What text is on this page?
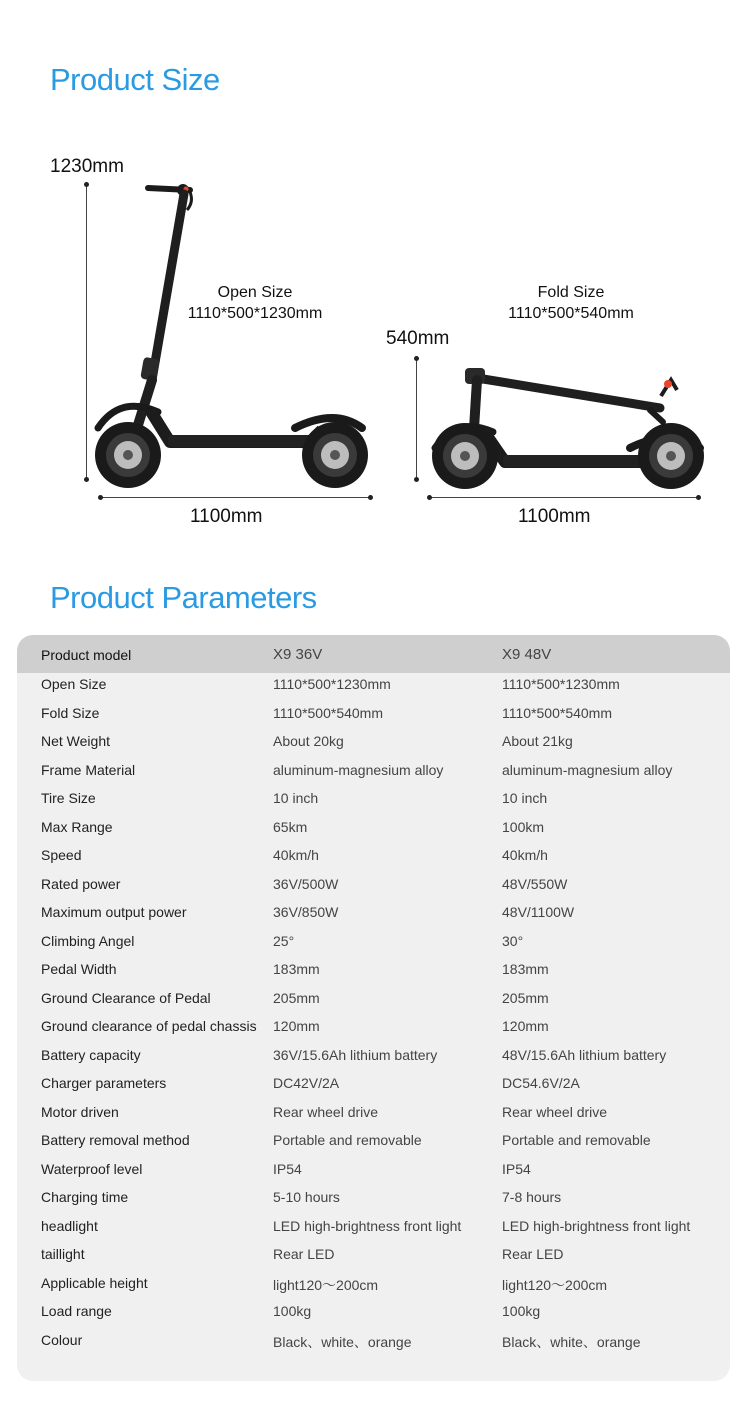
Product Size
1230mm
Open Size
1110*500*1230mm
1100mm
540mm
Fold Size
1110*500*540mm
1100mm
Product Parameters
Product model	X9 36V	X9 48V
Open Size	1110*500*1230mm	1110*500*1230mm
Fold Size	1110*500*540mm	1110*500*540mm
Net Weight	About 20kg	About 21kg
Frame Material	aluminum-magnesium alloy	aluminum-magnesium alloy
Tire Size	10 inch	10 inch
Max Range	65km	100km
Speed	40km/h	40km/h
Rated power	36V/500W	48V/550W
Maximum output power	36V/850W	48V/1100W
Climbing Angel	25°	30°
Pedal Width	183mm	183mm
Ground Clearance of Pedal	205mm	205mm
Ground clearance of pedal chassis 120mm	120mm
Battery capacity	36V/15.6Ah lithium battery	48V/15.6Ah lithium battery
Charger parameters	DC42V/2A	DC54.6V/2A
Motor driven	Rear wheel drive	Rear wheel drive
Battery removal method	Portable and removable	Portable and removable
Waterproof level	IP54	IP54
Charging time	5-10 hours	7-8 hours
headlight	LED high-brightness front light	LED high-brightness front light
taillight	Rear LED	Rear LED
Applicable height	light120～200cm	light120～200cm
Load range	100kg	100kg
Colour	Black、white、orange	Black、white、orange
